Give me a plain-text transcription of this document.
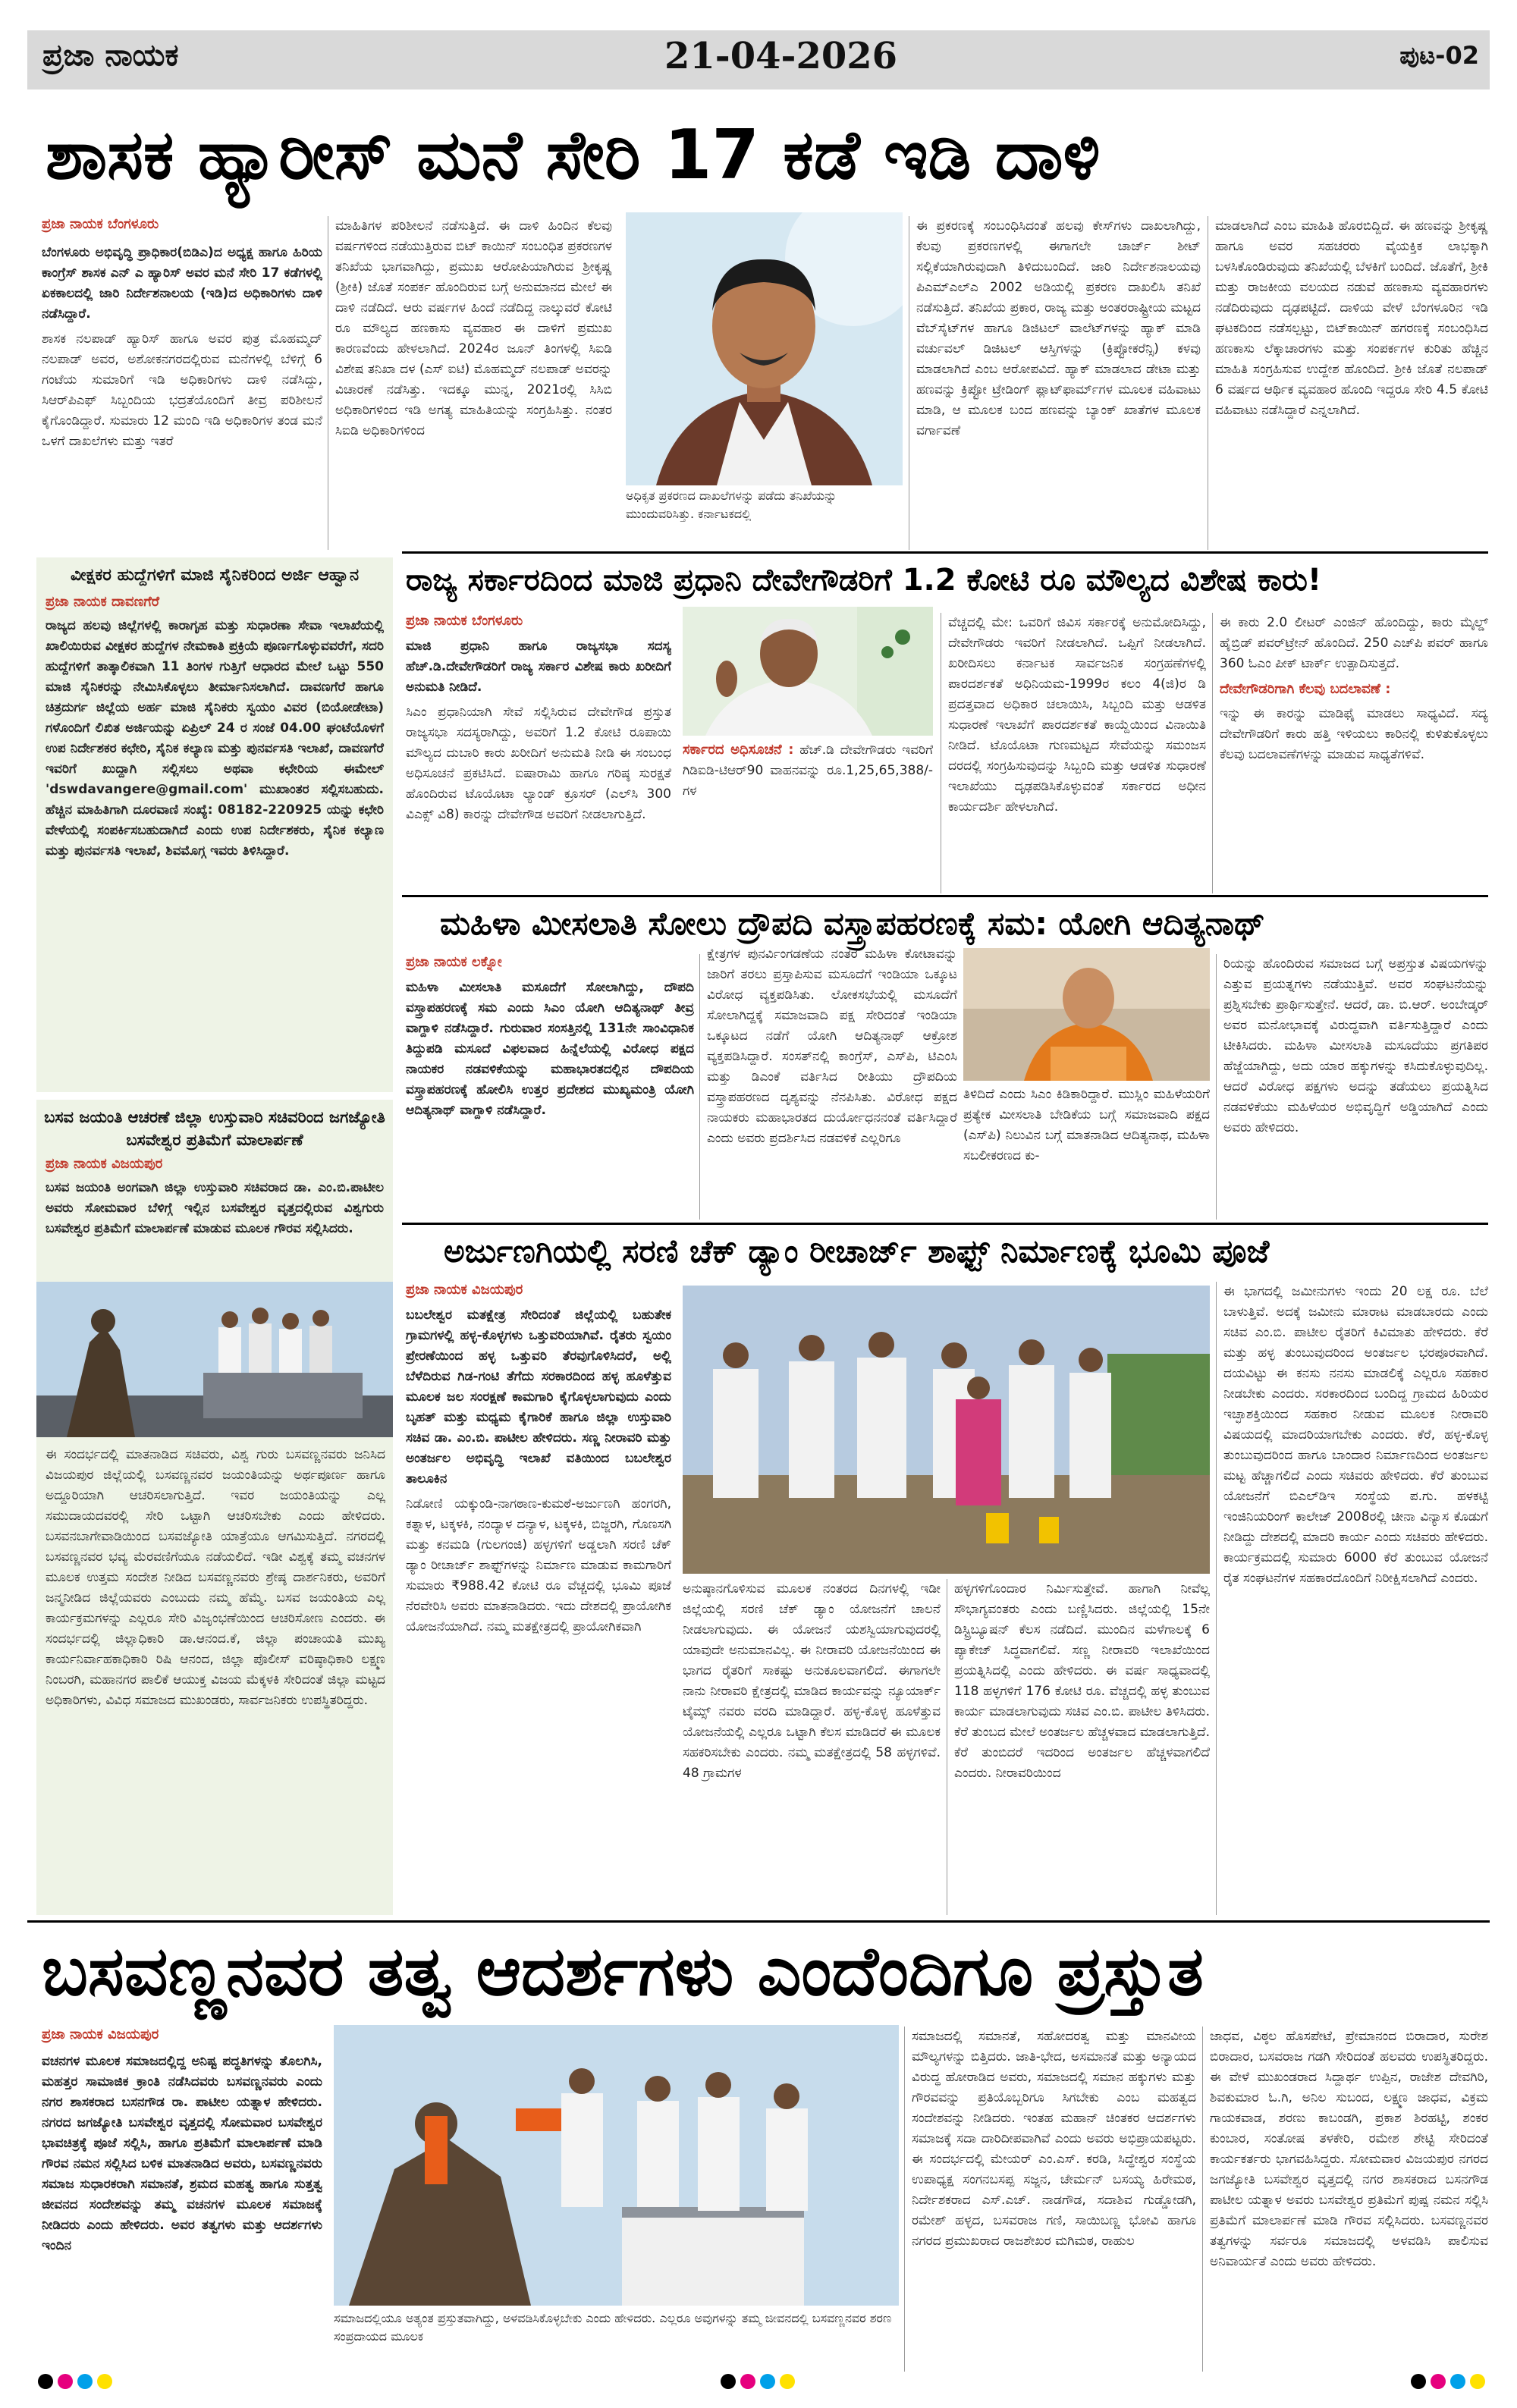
ಪ್ರಜಾ ನಾಯಕ	21-04-2026	ಪುಟ-02
ಶಾಸಕ ಹ್ಯಾರೀಸ್ ಮನೆ ಸೇರಿ 17 ಕಡೆ ಇಡಿ ದಾಳಿ
ಪ್ರಜಾ ನಾಯಕ ಬೆಂಗಳೂರು

ಬೆಂಗಳೂರು ಅಭಿವೃದ್ಧಿ ಪ್ರಾಧಿಕಾರ(ಬಿಡಿಎ)ದ ಅಧ್ಯಕ್ಷ ಹಾಗೂ ಹಿರಿಯ ಕಾಂಗ್ರೆಸ್ ಶಾಸಕ ಎನ್ ಎ ಹ್ಯಾರಿಸ್ ಅವರ ಮನೆ ಸೇರಿ 17 ಕಡೆಗಳಲ್ಲಿ ಏಕಕಾಲದಲ್ಲಿ ಜಾರಿ ನಿರ್ದೇಶನಾಲಯ (ಇಡಿ)ದ ಅಧಿಕಾರಿಗಳು ದಾಳಿ ನಡೆಸಿದ್ದಾರೆ.

ಶಾಸಕ ನಲಪಾಡ್ ಹ್ಯಾರಿಸ್ ಹಾಗೂ ಅವರ ಪುತ್ರ ಮೊಹಮ್ಮದ್ ನಲಪಾಡ್ ಅವರ, ಅಶೋಕನಗರದಲ್ಲಿರುವ ಮನೆಗಳಲ್ಲಿ ಬೆಳಿಗ್ಗೆ 6 ಗಂಟೆಯ ಸುಮಾರಿಗೆ ಇಡಿ ಅಧಿಕಾರಿಗಳು ದಾಳಿ ನಡೆಸಿದ್ದು, ಸಿಆರ್‌ಪಿಎಫ್ ಸಿಬ್ಬಂದಿಯ ಭದ್ರತೆಯೊಂದಿಗೆ ತೀವ್ರ ಪರಿಶೀಲನೆ ಕೈಗೊಂಡಿದ್ದಾರೆ. ಸುಮಾರು 12 ಮಂದಿ ಇಡಿ ಅಧಿಕಾರಿಗಳ ತಂಡ ಮನೆ ಒಳಗೆ ದಾಖಲೆಗಳು ಮತ್ತು ಇತರೆ

ಮಾಹಿತಿಗಳ ಪರಿಶೀಲನೆ ನಡೆಸುತ್ತಿದೆ. ಈ ದಾಳಿ ಹಿಂದಿನ ಕೆಲವು ವರ್ಷಗಳಿಂದ ನಡೆಯುತ್ತಿರುವ ಬಿಟ್ ಕಾಯಿನ್ ಸಂಬಂಧಿತ ಪ್ರಕರಣಗಳ ತನಿಖೆಯ ಭಾಗವಾಗಿದ್ದು, ಪ್ರಮುಖ ಆರೋಪಿಯಾಗಿರುವ ಶ್ರೀಕೃಷ್ಣ (ಶ್ರೀಕಿ) ಜೊತೆ ಸಂಪರ್ಕ ಹೊಂದಿರುವ ಬಗ್ಗೆ ಅನುಮಾನದ ಮೇಲೆ ಈ ದಾಳಿ ನಡೆದಿದೆ. ಆರು ವರ್ಷಗಳ ಹಿಂದೆ ನಡೆದಿದ್ದ ನಾಲ್ಕುವರೆ ಕೋಟಿ ರೂ ಮೌಲ್ಯದ ಹಣಕಾಸು ವ್ಯವಹಾರ ಈ ದಾಳಿಗೆ ಪ್ರಮುಖ ಕಾರಣವೆಂದು ಹೇಳಲಾಗಿದೆ. 2024ರ ಜೂನ್ ತಿಂಗಳಲ್ಲಿ ಸಿಐಡಿ ವಿಶೇಷ ತನಿಖಾ ದಳ (ಎಸ್ ಐಟಿ) ಮೊಹಮ್ಮದ್ ನಲಪಾಡ್ ಅವರನ್ನು ವಿಚಾರಣೆ ನಡೆಸಿತ್ತು. ಇದಕ್ಕೂ ಮುನ್ನ, 2021ರಲ್ಲಿ ಸಿಸಿಬಿ ಅಧಿಕಾರಿಗಳಿಂದ ಇಡಿ ಅಗತ್ಯ ಮಾಹಿತಿಯನ್ನು ಸಂಗ್ರಹಿಸಿತ್ತು. ನಂತರ ಸಿಐಡಿ ಅಧಿಕಾರಿಗಳಿಂದ
ಅಧಿಕೃತ ಪ್ರಕರಣದ ದಾಖಲೆಗಳನ್ನು ಪಡೆದು ತನಿಖೆಯನ್ನು ಮುಂದುವರಿಸಿತ್ತು. ಕರ್ನಾಟಕದಲ್ಲಿ
ಈ ಪ್ರಕರಣಕ್ಕೆ ಸಂಬಂಧಿಸಿದಂತೆ ಹಲವು ಕೇಸ್‌ಗಳು ದಾಖಲಾಗಿದ್ದು, ಕೆಲವು ಪ್ರಕರಣಗಳಲ್ಲಿ ಈಗಾಗಲೇ ಚಾರ್ಜ್ ಶೀಟ್ ಸಲ್ಲಿಕೆಯಾಗಿರುವುದಾಗಿ ತಿಳಿದುಬಂದಿದೆ. ಜಾರಿ ನಿರ್ದೇಶನಾಲಯವು ಪಿಎಮ್‌ಎಲ್‌ಎ 2002 ಅಡಿಯಲ್ಲಿ ಪ್ರಕರಣ ದಾಖಲಿಸಿ ತನಿಖೆ ನಡೆಸುತ್ತಿದೆ. ತನಿಖೆಯ ಪ್ರಕಾರ, ರಾಜ್ಯ ಮತ್ತು ಅಂತರರಾಷ್ಟ್ರೀಯ ಮಟ್ಟದ ವೆಬ್‌ಸೈಟ್‌ಗಳ ಹಾಗೂ ಡಿಜಿಟಲ್ ವಾಲೆಟ್‌ಗಳನ್ನು ಹ್ಯಾಕ್ ಮಾಡಿ ವರ್ಚುವಲ್ ಡಿಜಿಟಲ್ ಆಸ್ತಿಗಳನ್ನು (ಕ್ರಿಪ್ಟೋಕರೆನ್ಸಿ) ಕಳವು ಮಾಡಲಾಗಿದೆ ಎಂಬ ಆರೋಪವಿದೆ. ಹ್ಯಾಕ್ ಮಾಡಲಾದ ಡೇಟಾ ಮತ್ತು ಹಣವನ್ನು ಕ್ರಿಪ್ಟೋ ಟ್ರೇಡಿಂಗ್ ಪ್ಲಾಟ್‌ಫಾರ್ಮ್‌ಗಳ ಮೂಲಕ ವಹಿವಾಟು ಮಾಡಿ, ಆ ಮೂಲಕ ಬಂದ ಹಣವನ್ನು ಬ್ಯಾಂಕ್ ಖಾತೆಗಳ ಮೂಲಕ ವರ್ಗಾವಣೆ
ಮಾಡಲಾಗಿದೆ ಎಂಬ ಮಾಹಿತಿ ಹೊರಬಿದ್ದಿದೆ. ಈ ಹಣವನ್ನು ಶ್ರೀಕೃಷ್ಣ ಹಾಗೂ ಅವರ ಸಹಚರರು ವೈಯಕ್ತಿಕ ಲಾಭಕ್ಕಾಗಿ ಬಳಸಿಕೊಂಡಿರುವುದು ತನಿಖೆಯಲ್ಲಿ ಬೆಳಕಿಗೆ ಬಂದಿದೆ. ಜೊತೆಗೆ, ಶ್ರೀಕಿ ಮತ್ತು ರಾಜಕೀಯ ವಲಯದ ನಡುವೆ ಹಣಕಾಸು ವ್ಯವಹಾರಗಳು ನಡೆದಿರುವುದು ದೃಢಪಟ್ಟಿದೆ. ದಾಳಿಯ ವೇಳೆ ಬೆಂಗಳೂರಿನ ಇಡಿ ಘಟಕದಿಂದ ನಡೆಸಲ್ಪಟ್ಟು, ಬಿಟ್‌ಕಾಯಿನ್ ಹಗರಣಕ್ಕೆ ಸಂಬಂಧಿಸಿದ ಹಣಕಾಸು ಲೆಕ್ಕಾಚಾರಗಳು ಮತ್ತು ಸಂಪರ್ಕಗಳ ಕುರಿತು ಹೆಚ್ಚಿನ ಮಾಹಿತಿ ಸಂಗ್ರಹಿಸುವ ಉದ್ದೇಶ ಹೊಂದಿದೆ. ಶ್ರೀಕಿ ಜೊತೆ ನಲಪಾಡ್ 6 ವರ್ಷದ ಆರ್ಥಿಕ ವ್ಯವಹಾರ ಹೊಂದಿ ಇದ್ದರೂ ಸೇರಿ 4.5 ಕೋಟಿ ವಹಿವಾಟು ನಡೆಸಿದ್ದಾರೆ ಎನ್ನಲಾಗಿದೆ.
ವೀಕ್ಷಕರ ಹುದ್ದೆಗಳಿಗೆ ಮಾಜಿ ಸೈನಿಕರಿಂದ ಅರ್ಜಿ ಆಹ್ವಾನ
ಪ್ರಜಾ ನಾಯಕ ದಾವಣಗೆರೆ
ರಾಜ್ಯದ ಹಲವು ಜಿಲ್ಲೆಗಳಲ್ಲಿ ಕಾರಾಗೃಹ ಮತ್ತು ಸುಧಾರಣಾ ಸೇವಾ ಇಲಾಖೆಯಲ್ಲಿ ಖಾಲಿಯಿರುವ ವೀಕ್ಷಕರ ಹುದ್ದೆಗಳ ನೇಮಕಾತಿ ಪ್ರಕ್ರಿಯೆ ಪೂರ್ಣಗೊಳ್ಳುವವರೆಗೆ, ಸದರಿ ಹುದ್ದೆಗಳಿಗೆ ತಾತ್ಕಾಲಿಕವಾಗಿ 11 ತಿಂಗಳ ಗುತ್ತಿಗೆ ಆಧಾರದ ಮೇಲೆ ಒಟ್ಟು 550 ಮಾಜಿ ಸೈನಿಕರನ್ನು ನೇಮಿಸಿಕೊಳ್ಳಲು ತೀರ್ಮಾನಿಸಲಾಗಿದೆ. ದಾವಣಗೆರೆ ಹಾಗೂ ಚಿತ್ರದುರ್ಗ ಜಿಲ್ಲೆಯ ಅರ್ಹ ಮಾಜಿ ಸೈನಿಕರು ಸ್ವಯಂ ವಿವರ (ಬಿಯೋಡೇಟಾ) ಗಳೊಂದಿಗೆ ಲಿಖಿತ ಅರ್ಜಿಯನ್ನು ಏಪ್ರಿಲ್ 24 ರ ಸಂಜೆ 04.00 ಘಂಟೆಯೊಳಗೆ ಉಪ ನಿರ್ದೇಶಕರ ಕಛೇರಿ, ಸೈನಿಕ ಕಲ್ಯಾಣ ಮತ್ತು ಪುನರ್ವಸತಿ ಇಲಾಖೆ, ದಾವಣಗೆರೆ ಇವರಿಗೆ ಖುದ್ದಾಗಿ ಸಲ್ಲಿಸಲು ಅಥವಾ ಕಛೇರಿಯ ಈಮೇಲ್ 'dswdavangere@gmail.com' ಮುಖಾಂತರ ಸಲ್ಲಿಸಬಹುದು. ಹೆಚ್ಚಿನ ಮಾಹಿತಿಗಾಗಿ ದೂರವಾಣಿ ಸಂಖ್ಯೆ: 08182-220925 ಯನ್ನು ಕಛೇರಿ ವೇಳೆಯಲ್ಲಿ ಸಂಪರ್ಕಿಸಬಹುದಾಗಿದೆ ಎಂದು ಉಪ ನಿರ್ದೇಶಕರು, ಸೈನಿಕ ಕಲ್ಯಾಣ ಮತ್ತು ಪುನರ್ವಸತಿ ಇಲಾಖೆ, ಶಿವಮೊಗ್ಗ ಇವರು ತಿಳಿಸಿದ್ದಾರೆ.
ಬಸವ ಜಯಂತಿ ಆಚರಣೆ ಜಿಲ್ಲಾ ಉಸ್ತುವಾರಿ ಸಚಿವರಿಂದ ಜಗಜ್ಯೋತಿ ಬಸವೇಶ್ವರ ಪ್ರತಿಮೆಗೆ ಮಾಲಾರ್ಪಣೆ
ಪ್ರಜಾ ನಾಯಕ ವಿಜಯಪುರ
ಬಸವ ಜಯಂತಿ ಅಂಗವಾಗಿ ಜಿಲ್ಲಾ ಉಸ್ತುವಾರಿ ಸಚಿವರಾದ ಡಾ. ಎಂ.ಬಿ.ಪಾಟೀಲ ಅವರು ಸೋಮವಾರ ಬೆಳಿಗ್ಗೆ ಇಲ್ಲಿನ ಬಸವೇಶ್ವರ ವೃತ್ತದಲ್ಲಿರುವ ವಿಶ್ವಗುರು ಬಸವೇಶ್ವರ ಪ್ರತಿಮೆಗೆ ಮಾಲಾರ್ಪಣೆ ಮಾಡುವ ಮೂಲಕ ಗೌರವ ಸಲ್ಲಿಸಿದರು.
ಈ ಸಂದರ್ಭದಲ್ಲಿ ಮಾತನಾಡಿದ ಸಚಿವರು, ವಿಶ್ವ ಗುರು ಬಸವಣ್ಣನವರು ಜನಿಸಿದ ವಿಜಯಪುರ ಜಿಲ್ಲೆಯಲ್ಲಿ ಬಸವಣ್ಣನವರ ಜಯಂತಿಯನ್ನು ಅರ್ಥಪೂರ್ಣ ಹಾಗೂ ಅದ್ದೂರಿಯಾಗಿ ಆಚರಿಸಲಾಗುತ್ತಿದೆ. ಇವರ ಜಯಂತಿಯನ್ನು ಎಲ್ಲ ಸಮುದಾಯದವರಲ್ಲಿ ಸೇರಿ ಒಟ್ಟಾಗಿ ಆಚರಿಸಬೇಕು ಎಂದು ಹೇಳಿದರು. ಬಸವನಬಾಗೇವಾಡಿಯಿಂದ ಬಸವಜ್ಯೋತಿ ಯಾತ್ರೆಯೂ ಆಗಮಿಸುತ್ತಿದೆ. ನಗರದಲ್ಲಿ ಬಸವಣ್ಣನವರ ಭವ್ಯ ಮೆರವಣಿಗೆಯೂ ನಡೆಯಲಿದೆ. ಇಡೀ ವಿಶ್ವಕ್ಕೆ ತಮ್ಮ ವಚನಗಳ ಮೂಲಕ ಉತ್ತಮ ಸಂದೇಶ ನೀಡಿದ ಬಸವಣ್ಣನವರು ಶ್ರೇಷ್ಠ ದಾರ್ಶನಿಕರು, ಅವರಿಗೆ ಜನ್ಮನೀಡಿದ ಜಿಲ್ಲೆಯವರು ಎಂಬುದು ನಮ್ಮ ಹೆಮ್ಮೆ. ಬಸವ ಜಯಂತಿಯ ಎಲ್ಲ ಕಾರ್ಯಕ್ರಮಗಳನ್ನು ಎಲ್ಲರೂ ಸೇರಿ ವಿಜೃಂಭಣೆಯಿಂದ ಆಚರಿಸೋಣ ಎಂದರು. ಈ ಸಂದರ್ಭದಲ್ಲಿ ಜಿಲ್ಲಾಧಿಕಾರಿ ಡಾ.ಆನಂದ.ಕೆ, ಜಿಲ್ಲಾ ಪಂಚಾಯತಿ ಮುಖ್ಯ ಕಾರ್ಯನಿರ್ವಾಹಕಾಧಿಕಾರಿ ರಿಷಿ ಆನಂದ, ಜಿಲ್ಲಾ ಪೊಲೀಸ್ ವರಿಷ್ಠಾಧಿಕಾರಿ ಲಕ್ಷ್ಮಣ ನಿಂಬರಗಿ, ಮಹಾನಗರ ಪಾಲಿಕೆ ಆಯುಕ್ತ ವಿಜಯ ಮೆಕ್ಕಳಕಿ ಸೇರಿದಂತೆ ಜಿಲ್ಲಾ ಮಟ್ಟದ ಅಧಿಕಾರಿಗಳು, ವಿವಿಧ ಸಮಾಜದ ಮುಖಂಡರು, ಸಾರ್ವಜನಿಕರು ಉಪಸ್ಥಿತರಿದ್ದರು.
ರಾಜ್ಯ ಸರ್ಕಾರದಿಂದ ಮಾಜಿ ಪ್ರಧಾನಿ ದೇವೇಗೌಡರಿಗೆ 1.2 ಕೋಟಿ ರೂ ಮೌಲ್ಯದ ವಿಶೇಷ ಕಾರು!
ಪ್ರಜಾ ನಾಯಕ ಬೆಂಗಳೂರು

ಮಾಜಿ ಪ್ರಧಾನಿ ಹಾಗೂ ರಾಜ್ಯಸಭಾ ಸದಸ್ಯ ಹೆಚ್.ಡಿ.ದೇವೇಗೌಡರಿಗೆ ರಾಜ್ಯ ಸರ್ಕಾರ ವಿಶೇಷ ಕಾರು ಖರೀದಿಗೆ ಅನುಮತಿ ನೀಡಿದೆ.

ಸಿಎಂ ಪ್ರಧಾನಿಯಾಗಿ ಸೇವೆ ಸಲ್ಲಿಸಿರುವ ದೇವೇಗೌಡ ಪ್ರಸ್ತುತ ರಾಜ್ಯಸಭಾ ಸದಸ್ಯರಾಗಿದ್ದು, ಅವರಿಗೆ 1.2 ಕೋಟಿ ರೂಪಾಯಿ ಮೌಲ್ಯದ ದುಬಾರಿ ಕಾರು ಖರೀದಿಗೆ ಅನುಮತಿ ನೀಡಿ ಈ ಸಂಬಂಧ ಅಧಿಸೂಚನೆ ಪ್ರಕಟಿಸಿದೆ. ಐಷಾರಾಮಿ ಹಾಗೂ ಗರಿಷ್ಠ ಸುರಕ್ಷತೆ ಹೊಂದಿರುವ ಟೊಯೊಟಾ ಲ್ಯಾಂಡ್ ಕ್ರೂಸರ್ (ಎಲ್‌ಸಿ 300 ವಿಎಕ್ಸ್ ವಿ8) ಕಾರನ್ನು ದೇವೇಗೌಡ ಅವರಿಗೆ ನೀಡಲಾಗುತ್ತಿದೆ.

ಸರ್ಕಾರದ ಅಧಿಸೂಚನೆ : ಹೆಚ್.ಡಿ ದೇವೇಗೌಡರು ಇವರಿಗೆ ಗಿಡಿಐಡಿ-ಟಿಆರ್‌90 ವಾಹನವನ್ನು ರೂ.1,25,65,388/-ಗಳ

ವೆಚ್ಚದಲ್ಲಿ ಮೇ: ಒವರಿಗೆ ಜಿವಿಸ ಸರ್ಕಾರಕ್ಕೆ ಅನುಮೋದಿಸಿದ್ದು, ದೇವೇಗೌಡರು ಇವರಿಗೆ ನೀಡಲಾಗಿದೆ. ಒಪ್ಪಿಗೆ ನೀಡಲಾಗಿದೆ. ಖರೀದಿಸಲು ಕರ್ನಾಟಕ ಸಾರ್ವಜನಿಕ ಸಂಗ್ರಹಣೆಗಳಲ್ಲಿ ಪಾರದರ್ಶಕತೆ ಅಧಿನಿಯಮ-1999ರ ಕಲಂ 4(ಜಿ)ರ ಡಿ ಪ್ರದತ್ತವಾದ ಅಧಿಕಾರ ಚಲಾಯಿಸಿ, ಸಿಬ್ಬಂದಿ ಮತ್ತು ಆಡಳಿತ ಸುಧಾರಣೆ ಇಲಾಖೆಗೆ ಪಾರದರ್ಶಕತೆ ಕಾಯ್ದೆಯಿಂದ ವಿನಾಯಿತಿ ನೀಡಿದೆ. ಟೊಯೊಟಾ ಗುಣಮಟ್ಟದ ಸೇವೆಯನ್ನು ಸಮಂಜಸ ದರದಲ್ಲಿ ಸಂಗ್ರಹಿಸುವುದನ್ನು ಸಿಬ್ಬಂದಿ ಮತ್ತು ಆಡಳಿತ ಸುಧಾರಣೆ ಇಲಾಖೆಯು ದೃಢಪಡಿಸಿಕೊಳ್ಳುವಂತೆ ಸರ್ಕಾರದ ಅಧೀನ ಕಾರ್ಯದರ್ಶಿ ಹೇಳಲಾಗಿದೆ.

ಈ ಕಾರು 2.0 ಲೀಟರ್ ಎಂಜಿನ್ ಹೊಂದಿದ್ದು, ಕಾರು ಮೈಲ್ಡ್ ಹೈಬ್ರಿಡ್ ಪವರ್‌ಟ್ರೇನ್ ಹೊಂದಿದೆ. 250 ಎಚ್‌ಪಿ ಪವರ್ ಹಾಗೂ 360 ಓಎಂ ಪೀಕ್ ಟಾರ್ಕ್ ಉತ್ಪಾದಿಸುತ್ತದೆ.

ದೇವೇಗೌಡರಿಗಾಗಿ ಕೆಲವು ಬದಲಾವಣೆ :

ಇನ್ನು ಈ ಕಾರನ್ನು ಮಾಡಿಫೈ ಮಾಡಲು ಸಾಧ್ಯವಿದೆ. ಸದ್ಯ ದೇವೇಗೌಡರಿಗೆ ಕಾರು ಹತ್ತಿ ಇಳಿಯಲು ಕಾರಿನಲ್ಲಿ ಕುಳಿತುಕೊಳ್ಳಲು ಕೆಲವು ಬದಲಾವಣೆಗಳನ್ನು ಮಾಡುವ ಸಾಧ್ಯತೆಗಳಿವೆ.

ಮಹಿಳಾ ಮೀಸಲಾತಿ ಸೋಲು ದ್ರೌಪದಿ ವಸ್ತ್ರಾಪಹರಣಕ್ಕೆ ಸಮ: ಯೋಗಿ ಆದಿತ್ಯನಾಥ್
ಪ್ರಜಾ ನಾಯಕ ಲಕ್ನೋ
ಮಹಿಳಾ ಮೀಸಲಾತಿ ಮಸೂದೆಗೆ ಸೋಲಾಗಿದ್ದು, ದೌಪದಿ ವಸ್ತ್ರಾಪಹರಣಕ್ಕೆ ಸಮ ಎಂದು ಸಿಎಂ ಯೋಗಿ ಆದಿತ್ಯನಾಥ್ ತೀವ್ರ ವಾಗ್ದಾಳಿ ನಡೆಸಿದ್ದಾರೆ. ಗುರುವಾರ ಸಂಸತ್ತಿನಲ್ಲಿ 131ನೇ ಸಾಂವಿಧಾನಿಕ ತಿದ್ದುಪಡಿ ಮಸೂದೆ ವಿಫಲವಾದ ಹಿನ್ನೆಲೆಯಲ್ಲಿ ವಿರೋಧ ಪಕ್ಷದ ನಾಯಕರ ನಡವಳಿಕೆಯನ್ನು ಮಹಾಭಾರತದಲ್ಲಿನ ದೌಪದಿಯ ವಸ್ತ್ರಾಪಹರಣಕ್ಕೆ ಹೋಲಿಸಿ ಉತ್ತರ ಪ್ರದೇಶದ ಮುಖ್ಯಮಂತ್ರಿ ಯೋಗಿ ಆದಿತ್ಯನಾಥ್ ವಾಗ್ದಾಳಿ ನಡೆಸಿದ್ದಾರೆ.
ಕ್ಷೇತ್ರಗಳ ಪುನರ್ವಿಂಗಡಣೆಯ ನಂತರ ಮಹಿಳಾ ಕೋಟಾವನ್ನು ಜಾರಿಗೆ ತರಲು ಪ್ರಸ್ತಾಪಿಸುವ ಮಸೂದೆಗೆ ಇಂಡಿಯಾ ಒಕ್ಕೂಟ ವಿರೋಧ ವ್ಯಕ್ತಪಡಿಸಿತು. ಲೋಕಸಭೆಯಲ್ಲಿ ಮಸೂದೆಗೆ ಸೋಲಾಗಿದ್ದಕ್ಕೆ ಸಮಾಜವಾದಿ ಪಕ್ಷ ಸೇರಿದಂತೆ ಇಂಡಿಯಾ ಒಕ್ಕೂಟದ ನಡೆಗೆ ಯೋಗಿ ಆದಿತ್ಯನಾಥ್ ಆಕ್ರೋಶ ವ್ಯಕ್ತಪಡಿಸಿದ್ದಾರೆ. ಸಂಸತ್‌ನಲ್ಲಿ ಕಾಂಗ್ರೆಸ್, ಎಸ್‌ಪಿ, ಟಿಎಂಸಿ ಮತ್ತು ಡಿಎಂಕೆ ವರ್ತಿಸಿದ ರೀತಿಯು ದ್ರೌಪದಿಯ ವಸ್ತ್ರಾಪಹರಣದ ದೃಶ್ಯವನ್ನು ನೆನಪಿಸಿತು. ವಿರೋಧ ಪಕ್ಷದ ನಾಯಕರು ಮಹಾಭಾರತದ ದುರ್ಯೋಧನನಂತೆ ವರ್ತಿಸಿದ್ದಾರೆ ಎಂದು ಅವರು ಪ್ರದರ್ಶಿಸಿದ ನಡವಳಿಕೆ ಎಲ್ಲರಿಗೂ
ತಿಳಿದಿದೆ ಎಂದು ಸಿಎಂ ಕಿಡಿಕಾರಿದ್ದಾರೆ. ಮುಸ್ಲಿಂ ಮಹಿಳೆಯರಿಗೆ ಪ್ರತ್ಯೇಕ ಮೀಸಲಾತಿ ಬೇಡಿಕೆಯ ಬಗ್ಗೆ ಸಮಾಜವಾದಿ ಪಕ್ಷದ (ಎಸ್‌ಪಿ) ನಿಲುವಿನ ಬಗ್ಗೆ ಮಾತನಾಡಿದ ಆದಿತ್ಯನಾಥ, ಮಹಿಳಾ ಸಬಲೀಕರಣದ ಕು-
ರಿಯನ್ನು ಹೊಂದಿರುವ ಸಮಾಜದ ಬಗ್ಗೆ ಅಪ್ರಸ್ತುತ ವಿಷಯಗಳನ್ನು ಎತ್ತುವ ಪ್ರಯತ್ನಗಳು ನಡೆಯುತ್ತಿವೆ. ಅವರ ಸಂಘಟನೆಯನ್ನು ಪ್ರಶ್ನಿಸಬೇಕು ಪ್ರಾರ್ಥಿಸುತ್ತೇನೆ. ಆದರೆ, ಡಾ. ಬಿ.ಆರ್. ಅಂಬೇಡ್ಕರ್ ಅವರ ಮನೋಭಾವಕ್ಕೆ ವಿರುದ್ಧವಾಗಿ ವರ್ತಿಸುತ್ತಿದ್ದಾರೆ ಎಂದು ಟೀಕಿಸಿದರು. ಮಹಿಳಾ ಮೀಸಲಾತಿ ಮಸೂದೆಯು ಪ್ರಗತಿಪರ ಹೆಜ್ಜೆಯಾಗಿದ್ದು, ಅದು ಯಾರ ಹಕ್ಕುಗಳನ್ನು ಕಸಿದುಕೊಳ್ಳುವುದಿಲ್ಲ. ಆದರೆ ವಿರೋಧ ಪಕ್ಷಗಳು ಅದನ್ನು ತಡೆಯಲು ಪ್ರಯತ್ನಿಸಿದ ನಡವಳಿಕೆಯು ಮಹಿಳೆಯರ ಅಭಿವೃದ್ಧಿಗೆ ಅಡ್ಡಿಯಾಗಿದೆ ಎಂದು ಅವರು ಹೇಳಿದರು.
ಅರ್ಜುಣಗಿಯಲ್ಲಿ ಸರಣಿ ಚೆಕ್ ಡ್ಯಾಂ ರೀಚಾರ್ಜ್ ಶಾಫ್ಟ್ ನಿರ್ಮಾಣಕ್ಕೆ ಭೂಮಿ ಪೂಜೆ
ಪ್ರಜಾ ನಾಯಕ ವಿಜಯಪುರ

ಬಬಲೇಶ್ವರ ಮತಕ್ಷೇತ್ರ ಸೇರಿದಂತೆ ಜಿಲ್ಲೆಯಲ್ಲಿ ಬಹುತೇಕ ಗ್ರಾಮಗಳಲ್ಲಿ ಹಳ್ಳ-ಕೊಳ್ಳಗಳು ಒತ್ತುವರಿಯಾಗಿವೆ. ರೈತರು ಸ್ವಯಂ ಪ್ರೇರಣೆಯಿಂದ ಹಳ್ಳ ಒತ್ತುವರಿ ತೆರವುಗೊಳಿಸಿದರೆ, ಅಲ್ಲಿ ಬೆಳೆದಿರುವ ಗಿಡ-ಗಂಟಿ ತೆಗೆದು ಸರಕಾರದಿಂದ ಹಳ್ಳ ಹೂಳೆತ್ತುವ ಮೂಲಕ ಜಲ ಸಂರಕ್ಷಣೆ ಕಾಮಗಾರಿ ಕೈಗೊಳ್ಳಲಾಗುವುದು ಎಂದು ಬೃಹತ್ ಮತ್ತು ಮಧ್ಯಮ ಕೈಗಾರಿಕೆ ಹಾಗೂ ಜಿಲ್ಲಾ ಉಸ್ತುವಾರಿ ಸಚಿವ ಡಾ. ಎಂ.ಬಿ. ಪಾಟೀಲ ಹೇಳಿದರು. ಸಣ್ಣ ನೀರಾವರಿ ಮತ್ತು ಅಂತರ್ಜಲ ಅಭಿವೃದ್ಧಿ ಇಲಾಖೆ ವತಿಯಿಂದ ಬಬಲೇಶ್ವರ ತಾಲೂಕಿನ

ನಿಡೋಣಿ ಯಕ್ಕುಂಡಿ-ನಾಗಠಾಣ-ಕುಮಠೆ-ಅರ್ಜುಣಗಿ ಹಂಗರಗಿ, ಕತ್ನಾಳ, ಟಕ್ಕಳಕಿ, ನಂದ್ಯಾಳ ದನ್ಯಾಳ, ಟಕ್ಕಳಕಿ, ಬಿಜ್ಜರಗಿ, ಗೊಣಸಗಿ ಮತ್ತು ಕನಮಡಿ (ಗುಲಗಂಜಿ) ಹಳ್ಳಗಳಿಗೆ ಅಡ್ಡಲಾಗಿ ಸರಣಿ ಚೆಕ್ ಡ್ಯಾಂ ರೀಚಾರ್ಜ್ ಶಾಫ್ಟ್‌ಗಳನ್ನು ನಿರ್ಮಾಣ ಮಾಡುವ ಕಾಮಗಾರಿಗೆ ಸುಮಾರು ₹988.42 ಕೋಟಿ ರೂ ವೆಚ್ಚದಲ್ಲಿ ಭೂಮಿ ಪೂಜೆ ನೆರವೇರಿಸಿ ಅವರು ಮಾತನಾಡಿದರು. ಇದು ದೇಶದಲ್ಲಿ ಪ್ರಾಯೋಗಿಕ ಯೋಜನೆಯಾಗಿದೆ. ನಮ್ಮ ಮತಕ್ಷೇತ್ರದಲ್ಲಿ ಪ್ರಾಯೋಗಿಕವಾಗಿ

ಅನುಷ್ಠಾನಗೊಳಿಸುವ ಮೂಲಕ ನಂತರದ ದಿನಗಳಲ್ಲಿ ಇಡೀ ಜಿಲ್ಲೆಯಲ್ಲಿ ಸರಣಿ ಚೆಕ್ ಡ್ಯಾಂ ಯೋಜನೆಗೆ ಚಾಲನೆ ನೀಡಲಾಗುವುದು. ಈ ಯೋಜನೆ ಯಶಸ್ವಿಯಾಗುವುದರಲ್ಲಿ ಯಾವುದೇ ಅನುಮಾನವಿಲ್ಲ. ಈ ನೀರಾವರಿ ಯೋಜನೆಯಿಂದ ಈ ಭಾಗದ ರೈತರಿಗೆ ಸಾಕಷ್ಟು ಅನುಕೂಲವಾಗಲಿದೆ. ಈಗಾಗಲೇ ನಾನು ನೀರಾವರಿ ಕ್ಷೇತ್ರದಲ್ಲಿ ಮಾಡಿದ ಕಾರ್ಯವನ್ನು ನ್ಯೂಯಾರ್ಕ್ ಟೈಮ್ಸ್ ನವರು ವರದಿ ಮಾಡಿದ್ದಾರೆ. ಹಳ್ಳ-ಕೊಳ್ಳ ಹೂಳೆತ್ತುವ ಯೋಜನೆಯಲ್ಲಿ ಎಲ್ಲರೂ ಒಟ್ಟಾಗಿ ಕೆಲಸ ಮಾಡಿದರೆ ಈ ಮೂಲಕ ಸಹಕರಿಸಬೇಕು ಎಂದರು. ನಮ್ಮ ಮತಕ್ಷೇತ್ರದಲ್ಲಿ 58 ಹಳ್ಳಗಳಿವೆ. 48 ಗ್ರಾಮಗಳ
ಹಳ್ಳಗಳಿಗೊಂದಾರ ನಿರ್ಮಿಸುತ್ತೇವೆ. ಹಾಗಾಗಿ ನೀವೆಲ್ಲ ಸೌಭಾಗ್ಯವಂತರು ಎಂದು ಬಣ್ಣಿಸಿದರು. ಜಿಲ್ಲೆಯಲ್ಲಿ 15ನೇ ಡಿಸ್ಟ್ರಿಬ್ಯೂಷನ್ ಕೆಲಸ ನಡೆದಿದೆ. ಮುಂದಿನ ಮಳೆಗಾಲಕ್ಕೆ 6 ಪ್ಯಾಕೇಜ್ ಸಿದ್ಧವಾಗಲಿವೆ. ಸಣ್ಣ ನೀರಾವರಿ ಇಲಾಖೆಯಿಂದ ಪ್ರಯತ್ನಿಸಿದಲ್ಲಿ ಎಂದು ಹೇಳಿದರು. ಈ ವರ್ಷ ಸಾಧ್ಯವಾದಲ್ಲಿ 118 ಹಳ್ಳಗಳಿಗೆ 176 ಕೋಟಿ ರೂ. ವೆಚ್ಚದಲ್ಲಿ ಹಳ್ಳ ತುಂಬುವ ಕಾರ್ಯ ಮಾಡಲಾಗುವುದು ಸಚಿವ ಎಂ.ಬಿ. ಪಾಟೀಲ ತಿಳಿಸಿದರು. ಕೆರೆ ತುಂಬದ ಮೇಲೆ ಅಂತರ್ಜಲ ಹೆಚ್ಚಳವಾದ ಮಾಡಲಾಗುತ್ತಿದೆ. ಕೆರೆ ತುಂಬಿದರೆ ಇದರಿಂದ ಅಂತರ್ಜಲ ಹೆಚ್ಚಳವಾಗಲಿದೆ ಎಂದರು. ನೀರಾವರಿಯಿಂದ
ಈ ಭಾಗದಲ್ಲಿ ಜಮೀನುಗಳು ಇಂದು 20 ಲಕ್ಷ ರೂ. ಬೆಲೆ ಬಾಳುತ್ತಿವೆ. ಅದಕ್ಕೆ ಜಮೀನು ಮಾರಾಟ ಮಾಡಬಾರದು ಎಂದು ಸಚಿವ ಎಂ.ಬಿ. ಪಾಟೀಲ ರೈತರಿಗೆ ಕಿವಿಮಾತು ಹೇಳಿದರು. ಕೆರೆ ಮತ್ತು ಹಳ್ಳ ತುಂಬುವುದರಿಂದ ಅಂತರ್ಜಲ ಭರಪೂರವಾಗಿದೆ. ದಯವಿಟ್ಟು ಈ ಕನಸು ನನಸು ಮಾಡಲಿಕ್ಕೆ ಎಲ್ಲರೂ ಸಹಕಾರ ನೀಡಬೇಕು ಎಂದರು. ಸರಕಾರದಿಂದ ಬಂದಿದ್ದ ಗ್ರಾಮದ ಹಿರಿಯರ ಇಚ್ಛಾಶಕ್ತಿಯಿಂದ ಸಹಕಾರ ನೀಡುವ ಮೂಲಕ ನೀರಾವರಿ ವಿಷಯದಲ್ಲಿ ಮಾದರಿಯಾಗಬೇಕು ಎಂದರು. ಕೆರೆ, ಹಳ್ಳ-ಕೊಳ್ಳ ತುಂಬುವುದರಿಂದ ಹಾಗೂ ಬಾಂದಾರ ನಿರ್ಮಾಣದಿಂದ ಅಂತರ್ಜಲ ಮಟ್ಟ ಹೆಚ್ಚಾಗಲಿದೆ ಎಂದು ಸಚಿವರು ಹೇಳಿದರು. ಕೆರೆ ತುಂಬುವ ಯೋಜನೆಗೆ ಬಿಎಲ್‌ಡಿಇ ಸಂಸ್ಥೆಯ ಪ.ಗು. ಹಳಕಟ್ಟಿ ಇಂಜಿನಿಯರಿಂಗ್ ಕಾಲೇಜ್ 2008ರಲ್ಲಿ ಚೀನಾ ವಿನ್ಯಾಸ ಕೊಡುಗೆ ನೀಡಿದ್ದು ದೇಶದಲ್ಲಿ ಮಾದರಿ ಕಾರ್ಯ ಎಂದು ಸಚಿವರು ಹೇಳಿದರು. ಕಾರ್ಯಕ್ರಮದಲ್ಲಿ ಸುಮಾರು 6000 ಕೆರೆ ತುಂಬುವ ಯೋಜನೆ ರೈತ ಸಂಘಟನೆಗಳ ಸಹಕಾರದೊಂದಿಗೆ ನಿರೀಕ್ಷಿಸಲಾಗಿದೆ ಎಂದರು.
ಬಸವಣ್ಣನವರ ತತ್ವ ಆದರ್ಶಗಳು ಎಂದೆಂದಿಗೂ ಪ್ರಸ್ತುತ
ಪ್ರಜಾ ನಾಯಕ ವಿಜಯಪುರ
ವಚನಗಳ ಮೂಲಕ ಸಮಾಜದಲ್ಲಿದ್ದ ಅನಿಷ್ಟ ಪದ್ಧತಿಗಳನ್ನು ತೊಲಗಿಸಿ, ಮಹತ್ತರ ಸಾಮಾಜಿಕ ಕ್ರಾಂತಿ ನಡೆಸಿದವರು ಬಸವಣ್ಣನವರು ಎಂದು ನಗರ ಶಾಸಕರಾದ ಬಸನಗೌಡ ರಾ. ಪಾಟೀಲ ಯತ್ನಾಳ ಹೇಳಿದರು. ನಗರದ ಜಗಜ್ಯೋತಿ ಬಸವೇಶ್ವರ ವೃತ್ತದಲ್ಲಿ ಸೋಮವಾರ ಬಸವೇಶ್ವರ ಭಾವಚಿತ್ರಕ್ಕೆ ಪೂಜೆ ಸಲ್ಲಿಸಿ, ಹಾಗೂ ಪ್ರತಿಮೆಗೆ ಮಾಲಾರ್ಪಣೆ ಮಾಡಿ ಗೌರವ ನಮನ ಸಲ್ಲಿಸಿದ ಬಳಿಕ ಮಾತನಾಡಿದ ಅವರು, ಬಸವಣ್ಣನವರು ಸಮಾಜ ಸುಧಾರಕರಾಗಿ ಸಮಾನತೆ, ಶ್ರಮದ ಮಹತ್ವ ಹಾಗೂ ಸುತ್ತತ್ವ ಜೀವನದ ಸಂದೇಶವನ್ನು ತಮ್ಮ ವಚನಗಳ ಮೂಲಕ ಸಮಾಜಕ್ಕೆ ನೀಡಿದರು ಎಂದು ಹೇಳಿದರು. ಅವರ ತತ್ವಗಳು ಮತ್ತು ಆದರ್ಶಗಳು ಇಂದಿನ
ಸಮಾಜದಲ್ಲಿಯೂ ಅತ್ಯಂತ ಪ್ರಸ್ತುತವಾಗಿದ್ದು, ಅಳವಡಿಸಿಕೊಳ್ಳಬೇಕು ಎಂದು ಹೇಳಿದರು. ಎಲ್ಲರೂ ಅವುಗಳನ್ನು ತಮ್ಮ ಜೀವನದಲ್ಲಿ ಬಸವಣ್ಣನವರ ಶರಣ ಸಂಪ್ರದಾಯದ ಮೂಲಕ
ಸಮಾಜದಲ್ಲಿ ಸಮಾನತೆ, ಸಹೋದರತ್ವ ಮತ್ತು ಮಾನವೀಯ ಮೌಲ್ಯಗಳನ್ನು ಬಿತ್ತಿದರು. ಜಾತಿ-ಭೇದ, ಅಸಮಾನತೆ ಮತ್ತು ಅನ್ಯಾಯದ ವಿರುದ್ಧ ಹೋರಾಡಿದ ಅವರು, ಸಮಾಜದಲ್ಲಿ ಸಮಾನ ಹಕ್ಕುಗಳು ಮತ್ತು ಗೌರವವನ್ನು ಪ್ರತಿಯೊಬ್ಬರಿಗೂ ಸಿಗಬೇಕು ಎಂಬ ಮಹತ್ವದ ಸಂದೇಶವನ್ನು ನೀಡಿದರು. ಇಂತಹ ಮಹಾನ್ ಚಿಂತಕರ ಆದರ್ಶಗಳು ಸಮಾಜಕ್ಕೆ ಸದಾ ದಾರಿದೀಪವಾಗಿವೆ ಎಂದು ಅವರು ಅಭಿಪ್ರಾಯಪಟ್ಟರು. ಈ ಸಂದರ್ಭದಲ್ಲಿ ಮೇಯರ್ ಎಂ.ಎಸ್. ಕರಡಿ, ಸಿದ್ಧೇಶ್ವರ ಸಂಸ್ಥೆಯ ಉಪಾಧ್ಯಕ್ಷ ಸಂಗನಬಸಪ್ಪ ಸಜ್ಜನ, ಚೇರ್ಮನ್ ಬಸಯ್ಯ ಹಿರೇಮಠ, ನಿರ್ದೇಶಕರಾದ ಎಸ್.ಎಚ್. ನಾಡಗೌಡ, ಸದಾಶಿವ ಗುಡ್ಡೋಡಗಿ, ರಮೇಶ್ ಹಳ್ಳದ, ಬಸವರಾಜ ಗಣಿ, ಸಾಯಿಬಣ್ಣ ಭೋವಿ ಹಾಗೂ ನಗರದ ಪ್ರಮುಖರಾದ ರಾಜಶೇಖರ ಮಗಿಮಠ, ರಾಹುಲ
ಜಾಧವ, ವಿಠ್ಠಲ ಹೊಸಪೇಟೆ, ಪ್ರೇಮಾನಂದ ಬಿರಾದಾರ, ಸುರೇಶ ಬಿರಾದಾರ, ಬಸವರಾಜ ಗಡಗಿ ಸೇರಿದಂತೆ ಹಲವರು ಉಪಸ್ಥಿತರಿದ್ದರು. ಈ ವೇಳೆ ಮುಖಂಡರಾದ ಸಿದ್ದಾರ್ಥ ಉಪ್ಪಿನ, ರಾಜೇಶ ದೇವಗಿರಿ, ಶಿವಕುಮಾರ ಓ.ಗಿ, ಅನಿಲ ಸುಬಂದ, ಲಕ್ಷ್ಮಣ ಜಾಧವ, ವಿಕ್ರಮ ಗಾಯಕವಾಡ, ಶರಣು ಕಾಬಂಡಗಿ, ಪ್ರಕಾಶ ಶಿರಹಟ್ಟಿ, ಶಂಕರ ಕುಂಬಾರ, ಸಂತೋಷ ತಳಕೇರಿ, ರಮೇಶ ಶೇಟ್ಟಿ ಸೇರಿದಂತೆ ಕಾರ್ಯಕರ್ತರು ಭಾಗವಹಿಸಿದ್ದರು. ಸೋಮವಾರ ವಿಜಯಪುರ ನಗರದ ಜಗಜ್ಯೋತಿ ಬಸವೇಶ್ವರ ವೃತ್ತದಲ್ಲಿ ನಗರ ಶಾಸಕರಾದ ಬಸನಗೌಡ ಪಾಟೀಲ ಯತ್ನಾಳ ಅವರು ಬಸವೇಶ್ವರ ಪ್ರತಿಮೆಗೆ ಪುಷ್ಪ ನಮನ ಸಲ್ಲಿಸಿ ಪ್ರತಿಮೆಗೆ ಮಾಲಾರ್ಪಣೆ ಮಾಡಿ ಗೌರವ ಸಲ್ಲಿಸಿದರು. ಬಸವಣ್ಣನವರ ತತ್ವಗಳನ್ನು ಸರ್ವರೂ ಸಮಾಜದಲ್ಲಿ ಅಳವಡಿಸಿ ಪಾಲಿಸುವ ಅನಿವಾರ್ಯತೆ ಎಂದು ಅವರು ಹೇಳಿದರು.
